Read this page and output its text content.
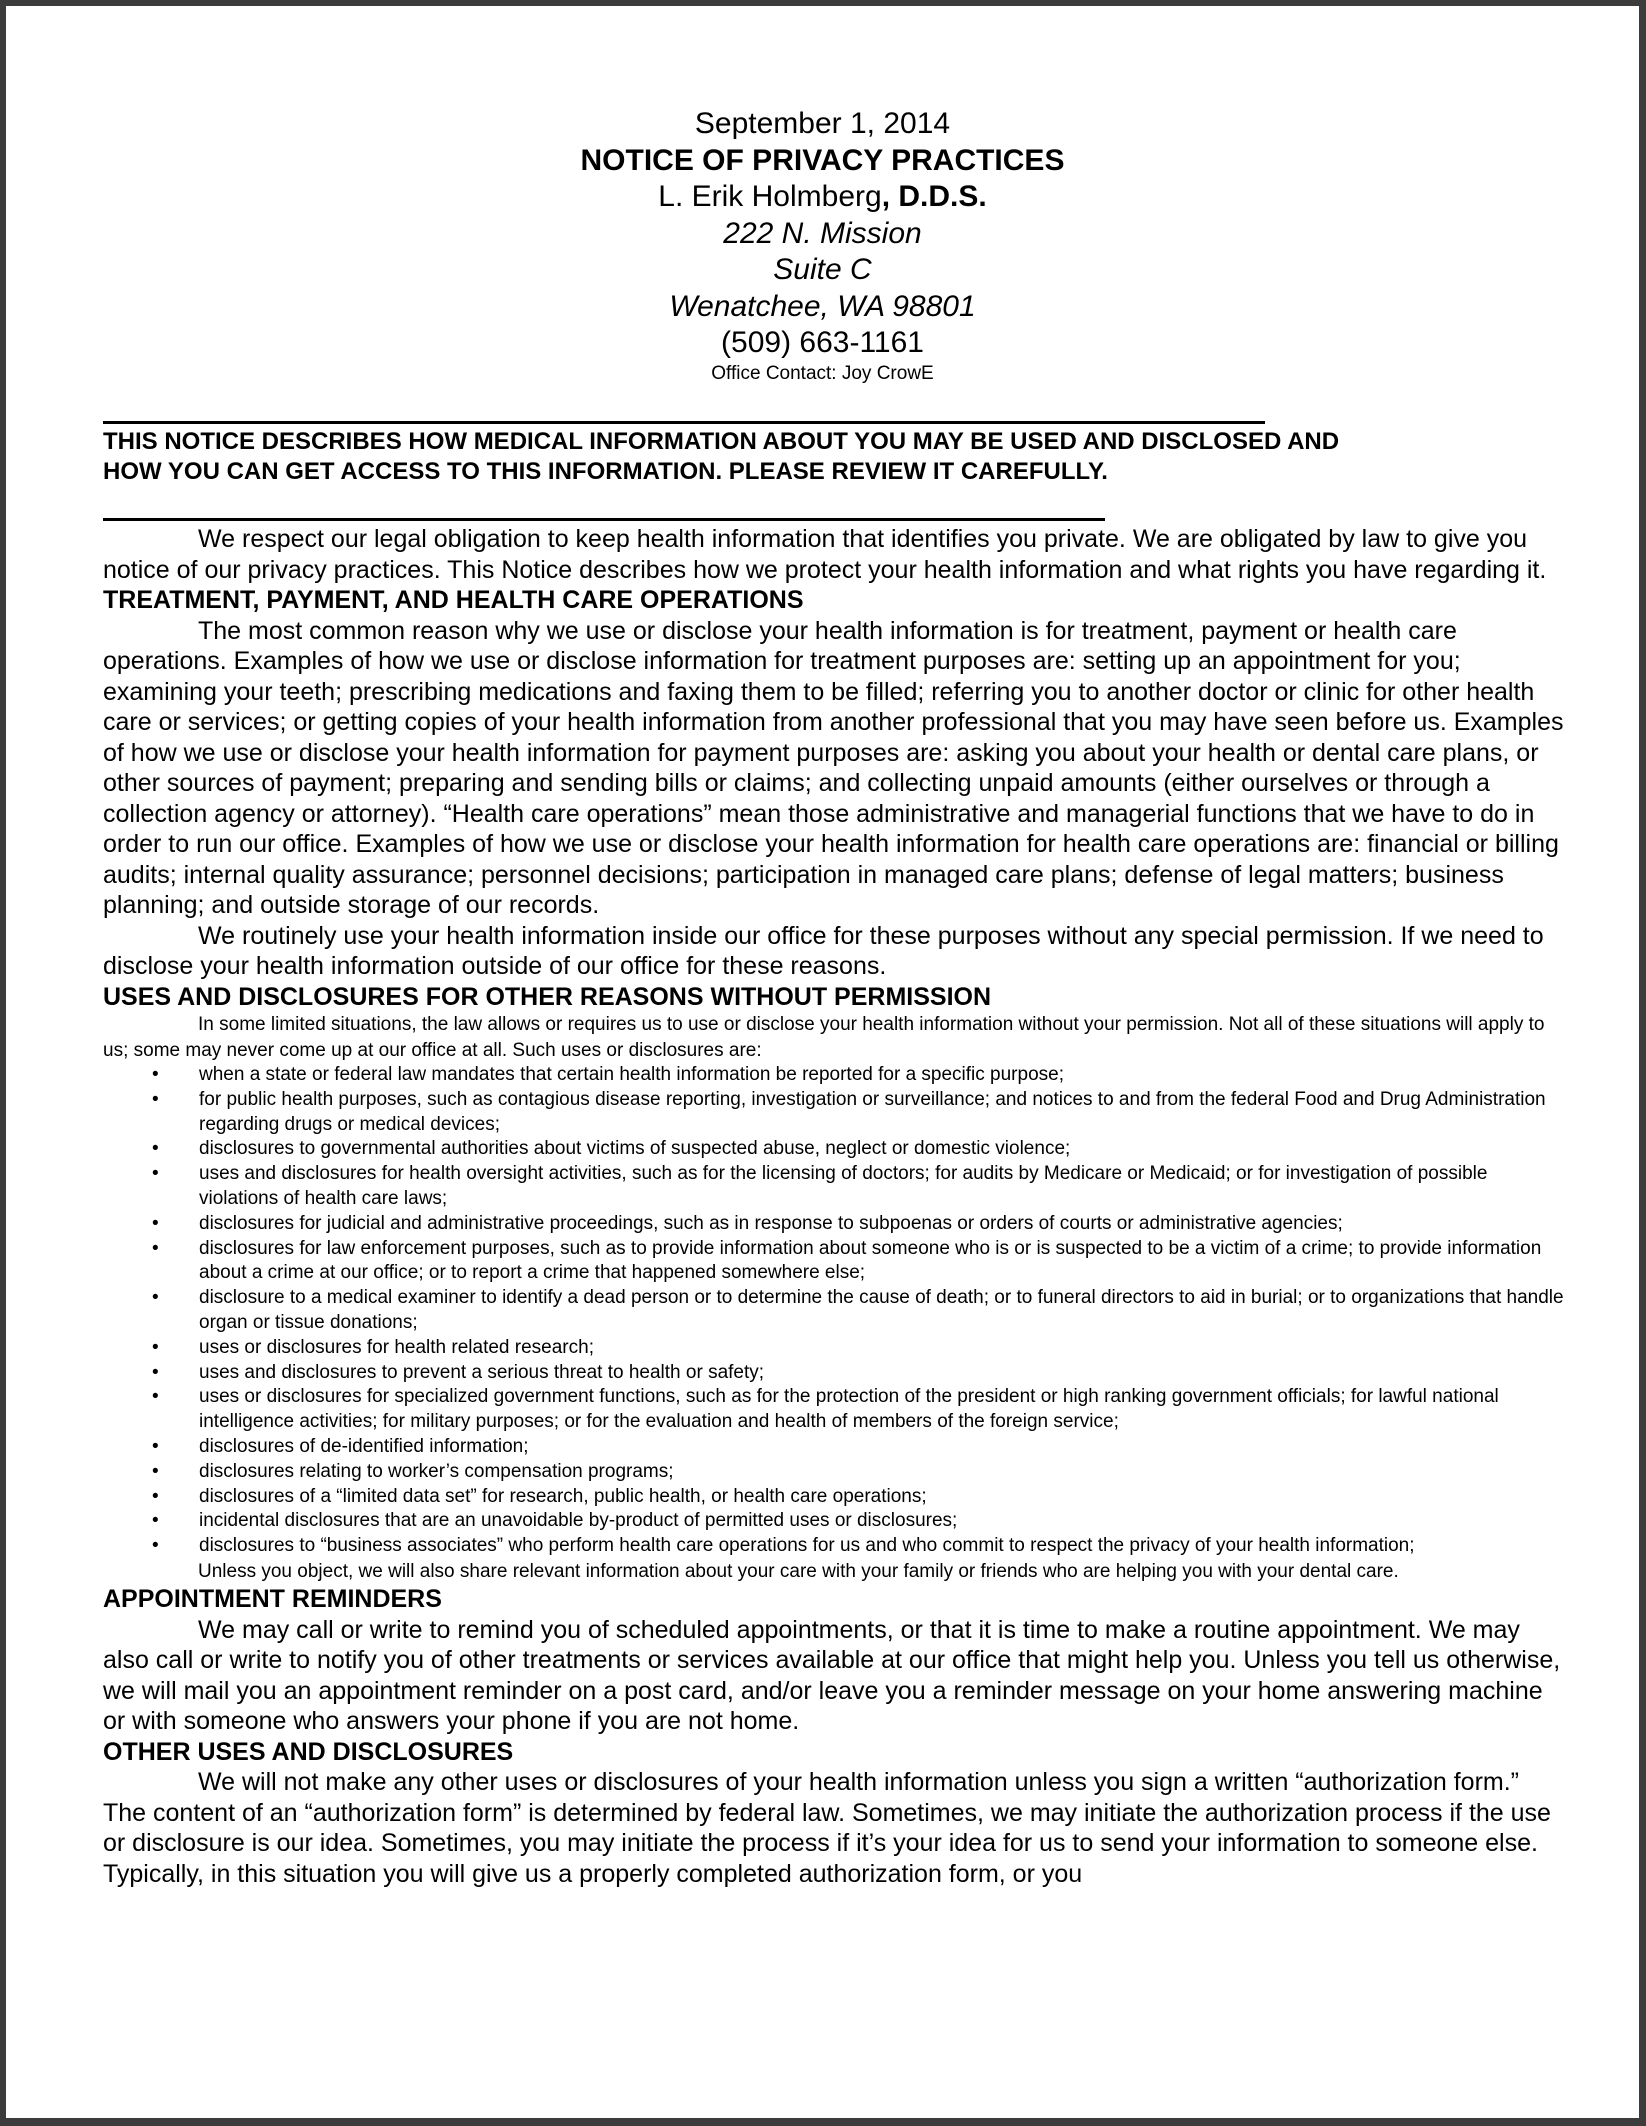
September 1, 2014
NOTICE OF PRIVACY PRACTICES
L. Erik Holmberg, D.D.S.
222 N. Mission
Suite C
Wenatchee, WA 98801
(509) 663-1161
Office Contact: Joy CrowE
THIS NOTICE DESCRIBES HOW MEDICAL INFORMATION ABOUT YOU MAY BE USED AND DISCLOSED AND
HOW YOU CAN GET ACCESS TO THIS INFORMATION. PLEASE REVIEW IT CAREFULLY.

We respect our legal obligation to keep health information that identifies you private. We are obligated by law to give you notice of our privacy practices. This Notice describes how we protect your health information and what rights you have regarding it.

TREATMENT, PAYMENT, AND HEALTH CARE OPERATIONS

The most common reason why we use or disclose your health information is for treatment, payment or health care operations. Examples of how we use or disclose information for treatment purposes are: setting up an appointment for you; examining your teeth; prescribing medications and faxing them to be filled; referring you to another doctor or clinic for other health care or services; or getting copies of your health information from another professional that you may have seen before us. Examples of how we use or disclose your health information for payment purposes are: asking you about your health or dental care plans, or other sources of payment; preparing and sending bills or claims; and collecting unpaid amounts (either ourselves or through a collection agency or attorney). “Health care operations” mean those administrative and managerial functions that we have to do in order to run our office. Examples of how we use or disclose your health information for health care operations are: financial or billing audits; internal quality assurance; personnel decisions; participation in managed care plans; defense of legal matters; business planning; and outside storage of our records.

We routinely use your health information inside our office for these purposes without any special permission. If we need to disclose your health information outside of our office for these reasons.

USES AND DISCLOSURES FOR OTHER REASONS WITHOUT PERMISSION

In some limited situations, the law allows or requires us to use or disclose your health information without your permission. Not all of these situations will apply to us; some may never come up at our office at all. Such uses or disclosures are:

• when a state or federal law mandates that certain health information be reported for a specific purpose;
• for public health purposes, such as contagious disease reporting, investigation or surveillance; and notices to and from the federal Food and Drug Administration regarding drugs or medical devices;
• disclosures to governmental authorities about victims of suspected abuse, neglect or domestic violence;
• uses and disclosures for health oversight activities, such as for the licensing of doctors; for audits by Medicare or Medicaid; or for investigation of possible violations of health care laws;
• disclosures for judicial and administrative proceedings, such as in response to subpoenas or orders of courts or administrative agencies;
• disclosures for law enforcement purposes, such as to provide information about someone who is or is suspected to be a victim of a crime; to provide information about a crime at our office; or to report a crime that happened somewhere else;
• disclosure to a medical examiner to identify a dead person or to determine the cause of death; or to funeral directors to aid in burial; or to organizations that handle organ or tissue donations;
• uses or disclosures for health related research;
• uses and disclosures to prevent a serious threat to health or safety;
• uses or disclosures for specialized government functions, such as for the protection of the president or high ranking government officials; for lawful national intelligence activities; for military purposes; or for the evaluation and health of members of the foreign service;
• disclosures of de-identified information;
• disclosures relating to worker’s compensation programs;
• disclosures of a “limited data set” for research, public health, or health care operations;
• incidental disclosures that are an unavoidable by-product of permitted uses or disclosures;
• disclosures to “business associates” who perform health care operations for us and who commit to respect the privacy of your health information;

Unless you object, we will also share relevant information about your care with your family or friends who are helping you with your dental care.

APPOINTMENT REMINDERS

We may call or write to remind you of scheduled appointments, or that it is time to make a routine appointment. We may also call or write to notify you of other treatments or services available at our office that might help you. Unless you tell us otherwise, we will mail you an appointment reminder on a post card, and/or leave you a reminder message on your home answering machine or with someone who answers your phone if you are not home.

OTHER USES AND DISCLOSURES

We will not make any other uses or disclosures of your health information unless you sign a written “authorization form.” The content of an “authorization form” is determined by federal law. Sometimes, we may initiate the authorization process if the use or disclosure is our idea. Sometimes, you may initiate the process if it’s your idea for us to send your information to someone else. Typically, in this situation you will give us a properly completed authorization form, or you
